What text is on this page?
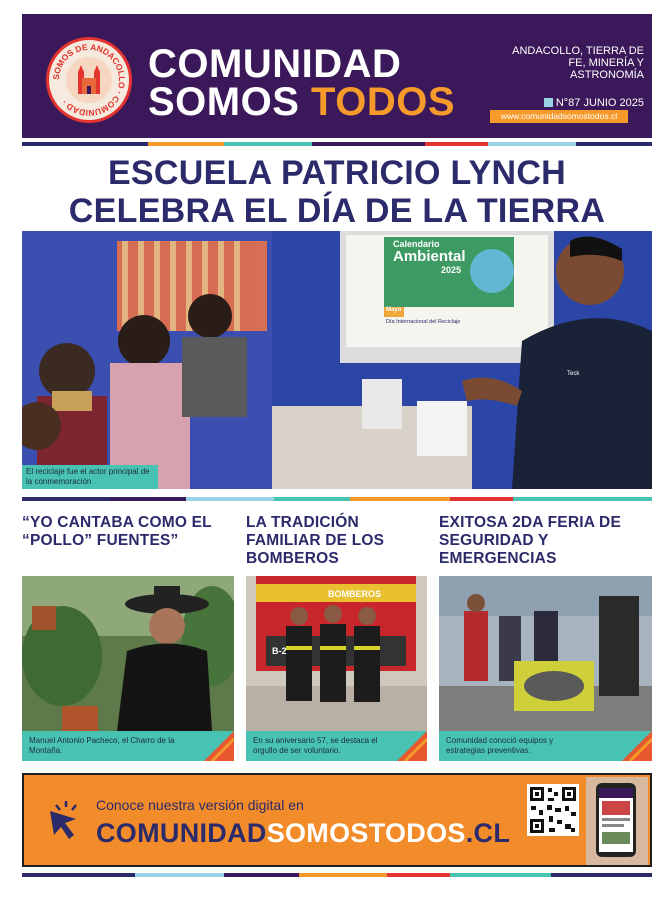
SOMOS DE ANDACOLLO · COMUNIDAD ·
COMUNIDAD
SOMOS TODOS
ANDACOLLO, TIERRA DE FE, MINERÍA Y ASTRONOMÍA
N°87 JUNIO 2025
www.comunidadsomostodos.cl
ESCUELA PATRICIO LYNCH
CELEBRA EL DÍA DE LA TIERRA
Calendario
Ambiental
2025
Mayo
Día Internacional del Reciclaje
Teck
El reciclaje fue el actor principal de la conmemoración
“YO CANTABA COMO EL “POLLO” FUENTES”
Manuel Antonio Pacheco, el Charro de la Montaña.
LA TRADICIÓN FAMILIAR DE LOS BOMBEROS
BOMBEROS
B-2
En su aniversario 57, se destaca el orgullo de ser voluntario.
EXITOSA 2DA FERIA DE SEGURIDAD Y EMERGENCIAS
Comunidad conoció equipos y estrategias preventivas.
Conoce nuestra versión digital en
COMUNIDADSOMOSTODOS.CL
